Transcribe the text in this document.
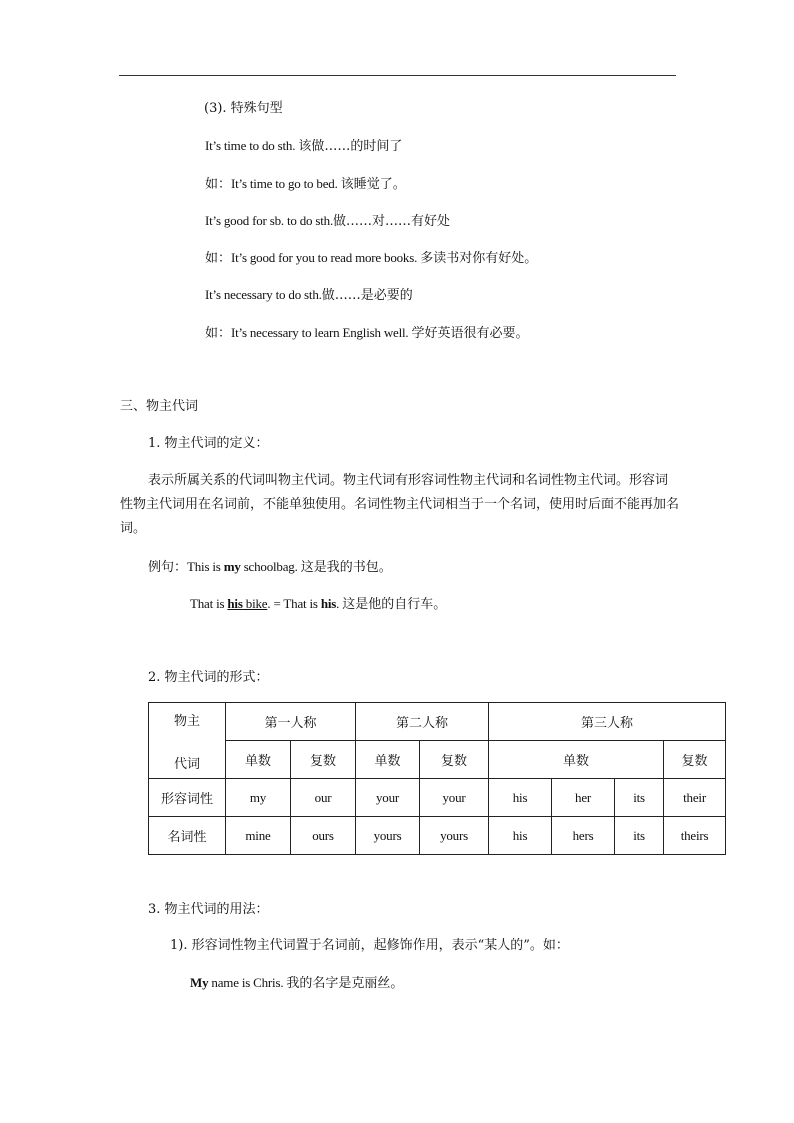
(3). 特殊句型
It’s time to do sth. 该做……的时间了
如：It’s time to go to bed. 该睡觉了。
It’s good for sb. to do sth.做……对……有好处
如：It’s good for you to read more books. 多读书对你有好处。
It’s necessary to do sth.做……是必要的
如：It’s necessary to learn English well. 学好英语很有必要。
三、物主代词
1. 物主代词的定义：
表示所属关系的代词叫物主代词。物主代词有形容词性物主代词和名词性物主代词。形容词性物主代词用在名词前，不能单独使用。名词性物主代词相当于一个名词，使用时后面不能再加名词。
例句：This is my schoolbag. 这是我的书包。
That is his bike. = That is his. 这是他的自行车。
2. 物主代词的形式：
物主
代词	第一人称		第二人称		第三人称			
	单数	复数	单数	复数	单数			复数
形容词性	my	our	your	your	his	her	its	their
名词性	mine	ours	yours	yours	his	hers	its	theirs
3. 物主代词的用法：
1). 形容词性物主代词置于名词前，起修饰作用，表示“某人的”。如：
My name is Chris. 我的名字是克丽丝。
